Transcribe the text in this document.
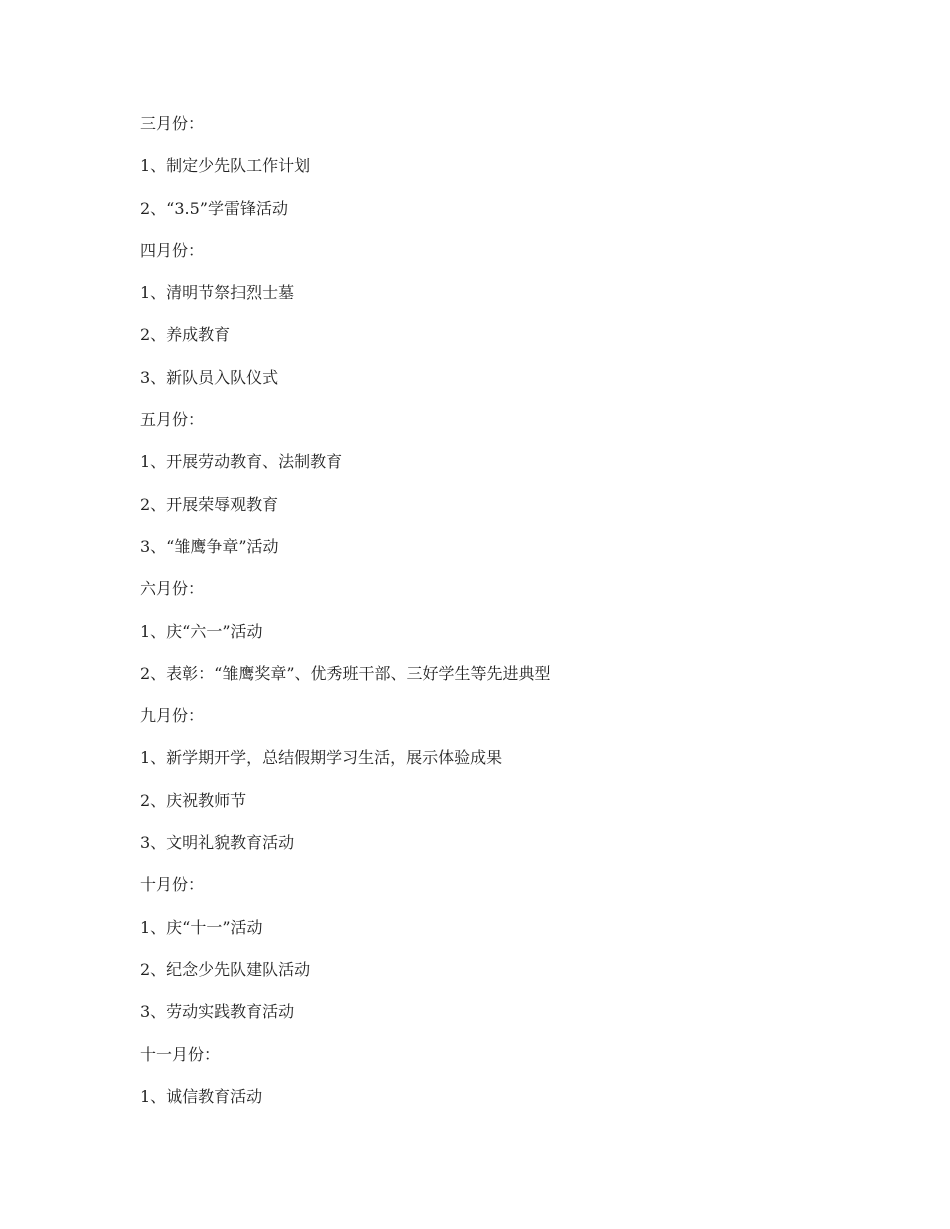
三月份：
1、制定少先队工作计划
2、“3.5”学雷锋活动
四月份：
1、清明节祭扫烈士墓
2、养成教育
3、新队员入队仪式
五月份：
1、开展劳动教育、法制教育
2、开展荣辱观教育
3、“雏鹰争章”活动
六月份：
1、庆“六一”活动
2、表彰：“雏鹰奖章”、优秀班干部、三好学生等先进典型
九月份：
1、新学期开学，总结假期学习生活，展示体验成果
2、庆祝教师节
3、文明礼貌教育活动
十月份：
1、庆“十一”活动
2、纪念少先队建队活动
3、劳动实践教育活动
十一月份：
1、诚信教育活动
